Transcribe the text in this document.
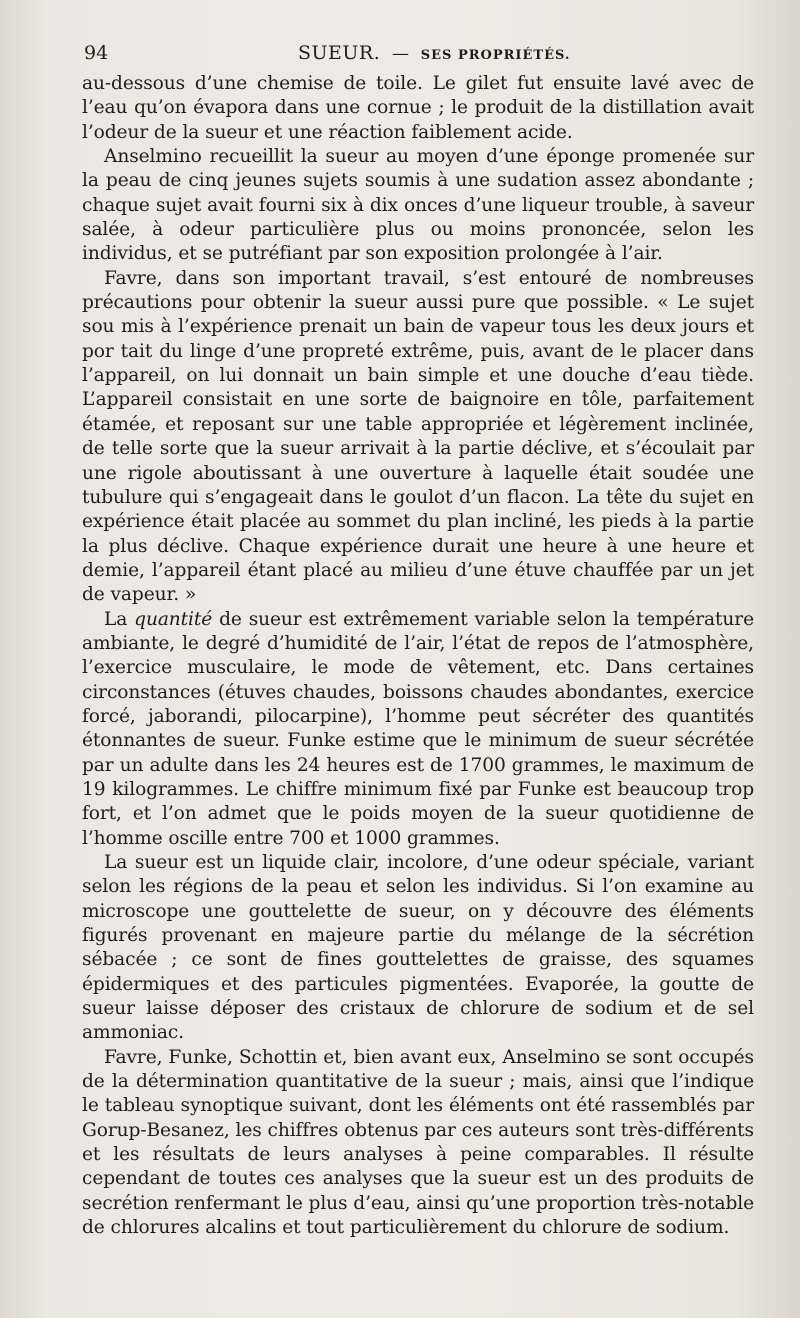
94	SUEUR. — SES PROPRIÉTÉS.

au-dessous d’une chemise de toile. Le gilet fut ensuite lavé avec de l’eau qu’on évapora dans une cornue ; le produit de la distillation avait l’odeur de la sueur et une réaction faiblement acide.

Anselmino recueillit la sueur au moyen d’une éponge promenée sur la peau de cinq jeunes sujets soumis à une sudation assez abondante ; chaque sujet avait fourni six à dix onces d’une liqueur trouble, à saveur salée, à odeur particulière plus ou moins prononcée, selon les individus, et se putréfiant par son exposition prolongée à l’air.

Favre, dans son important travail, s’est entouré de nombreuses précautions pour obtenir la sueur aussi pure que possible. « Le sujet sou mis à l’expérience prenait un bain de vapeur tous les deux jours et por tait du linge d’une propreté extrême, puis, avant de le placer dans l’appareil, on lui donnait un bain simple et une douche d’eau tiède. L’appareil consistait en une sorte de baignoire en tôle, parfaitement étamée, et reposant sur une table appropriée et légèrement inclinée, de telle sorte que la sueur arrivait à la partie déclive, et s’écoulait par une rigole aboutissant à une ouverture à laquelle était soudée une tubulure qui s’engageait dans le goulot d’un flacon. La tête du sujet en expérience était placée au sommet du plan incliné, les pieds à la partie la plus déclive. Chaque expérience durait une heure à une heure et demie, l’appareil étant placé au milieu d’une étuve chauffée par un jet de vapeur. »

La quantité de sueur est extrêmement variable selon la température ambiante, le degré d’humidité de l’air, l’état de repos de l’atmosphère, l’exercice musculaire, le mode de vêtement, etc. Dans certaines circonstances (étuves chaudes, boissons chaudes abondantes, exercice forcé, jaborandi, pilocarpine), l’homme peut sécréter des quantités étonnantes de sueur. Funke estime que le minimum de sueur sécrétée par un adulte dans les 24 heures est de 1700 grammes, le maximum de 19 kilogrammes. Le chiffre minimum fixé par Funke est beaucoup trop fort, et l’on admet que le poids moyen de la sueur quotidienne de l’homme oscille entre 700 et 1000 grammes.

La sueur est un liquide clair, incolore, d’une odeur spéciale, variant selon les régions de la peau et selon les individus. Si l’on examine au microscope une gouttelette de sueur, on y découvre des éléments figurés provenant en majeure partie du mélange de la sécrétion sébacée ; ce sont de fines gouttelettes de graisse, des squames épidermiques et des particules pigmentées. Evaporée, la goutte de sueur laisse déposer des cristaux de chlorure de sodium et de sel ammoniac.

Favre, Funke, Schottin et, bien avant eux, Anselmino se sont occupés de la détermination quantitative de la sueur ; mais, ainsi que l’indique le tableau synoptique suivant, dont les éléments ont été rassemblés par Gorup-Besanez, les chiffres obtenus par ces auteurs sont très-différents et les résultats de leurs analyses à peine comparables. Il résulte cependant de toutes ces analyses que la sueur est un des produits de secrétion renfermant le plus d’eau, ainsi qu’une proportion très-notable de chlorures alcalins et tout particulièrement du chlorure de sodium.
